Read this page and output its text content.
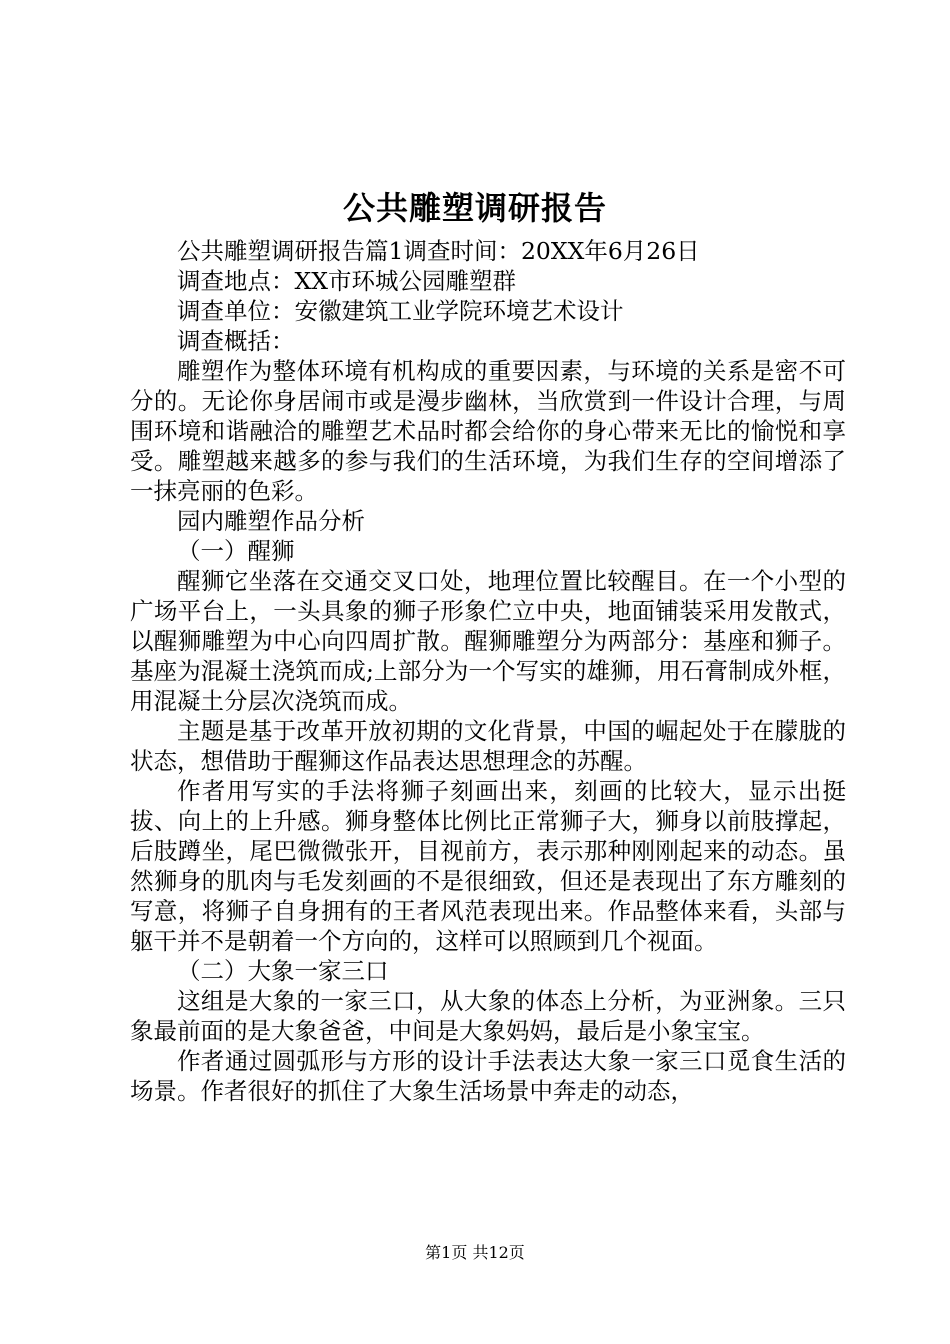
公共雕塑调研报告

公共雕塑调研报告篇1调查时间：20XX年6月26日

调查地点：XX市环城公园雕塑群

调查单位：安徽建筑工业学院环境艺术设计

调查概括：

雕塑作为整体环境有机构成的重要因素，与环境的关系是密不可分的。无论你身居闹市或是漫步幽林，当欣赏到一件设计合理，与周围环境和谐融洽的雕塑艺术品时都会给你的身心带来无比的愉悦和享受。雕塑越来越多的参与我们的生活环境，为我们生存的空间增添了一抹亮丽的色彩。

园内雕塑作品分析

（一）醒狮

醒狮它坐落在交通交叉口处，地理位置比较醒目。在一个小型的广场平台上，一头具象的狮子形象伫立中央，地面铺装采用发散式，以醒狮雕塑为中心向四周扩散。醒狮雕塑分为两部分：基座和狮子。基座为混凝土浇筑而成;上部分为一个写实的雄狮，用石膏制成外框，用混凝土分层次浇筑而成。

主题是基于改革开放初期的文化背景，中国的崛起处于在朦胧的状态，想借助于醒狮这作品表达思想理念的苏醒。

作者用写实的手法将狮子刻画出来，刻画的比较大，显示出挺拔、向上的上升感。狮身整体比例比正常狮子大，狮身以前肢撑起，后肢蹲坐，尾巴微微张开，目视前方，表示那种刚刚起来的动态。虽然狮身的肌肉与毛发刻画的不是很细致，但还是表现出了东方雕刻的写意，将狮子自身拥有的王者风范表现出来。作品整体来看，头部与躯干并不是朝着一个方向的，这样可以照顾到几个视面。

（二）大象一家三口

这组是大象的一家三口，从大象的体态上分析，为亚洲象。三只象最前面的是大象爸爸，中间是大象妈妈，最后是小象宝宝。

作者通过圆弧形与方形的设计手法表达大象一家三口觅食生活的场景。作者很好的抓住了大象生活场景中奔走的动态，

第1页 共12页
